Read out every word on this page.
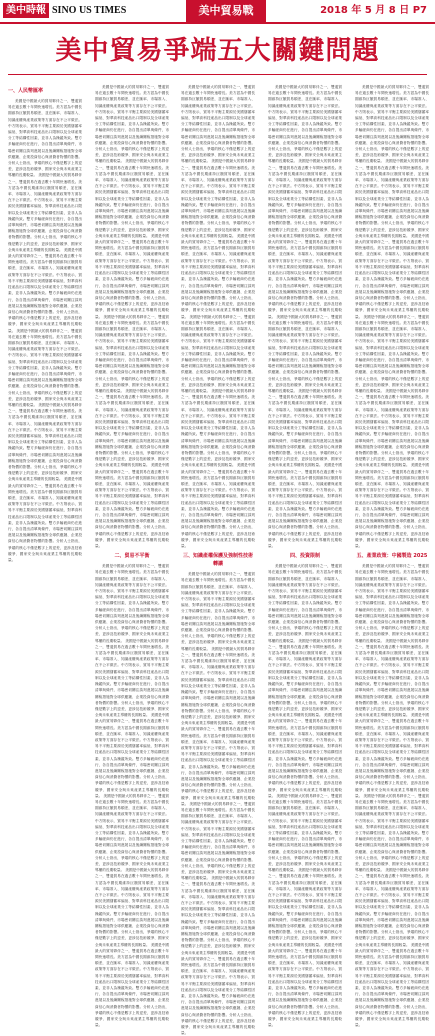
美中時報 SINO US TIMES	美中貿易戰	2018 年 5 月 8 日 P7
美中貿易爭端五大關鍵問題
一、人民幣匯率
美國是中國最大的貿易夥伴之一，雙邊貿易在過去數十年間快速增長。美方認為中國長期維持巨額貿易順差，並在匯率、市場准入、知識產權與產業政策等方面存在不公平做法。中方則表示，貿易不平衡主要源於美國儲蓄率偏低、對華高科技產品出口限制以及全球產業分工等結構性因素，並非人為操縱所致。雙方多輪磋商仍在進行，各自提出清單與條件，市場密切關注談判進展以及後續關稅措施對全球供應鏈、企業投資信心與消費者物價的影響。分析人士指出，爭端的核心不僅是數字上的逆差，更涉及技術競爭、國家安全與未來產業主導權的長期較量。 美國是中國最大的貿易夥伴之一，雙邊貿易在過去數十年間快速增長。美方認為中國長期維持巨額貿易順差，並在匯率、市場准入、知識產權與產業政策等方面存在不公平做法。中方則表示，貿易不平衡主要源於美國儲蓄率偏低、對華高科技產品出口限制以及全球產業分工等結構性因素，並非人為操縱所致。雙方多輪磋商仍在進行，各自提出清單與條件，市場密切關注談判進展以及後續關稅措施對全球供應鏈、企業投資信心與消費者物價的影響。分析人士指出，爭端的核心不僅是數字上的逆差，更涉及技術競爭、國家安全與未來產業主導權的長期較量。 美國是中國最大的貿易夥伴之一，雙邊貿易在過去數十年間快速增長。美方認為中國長期維持巨額貿易順差，並在匯率、市場准入、知識產權與產業政策等方面存在不公平做法。中方則表示，貿易不平衡主要源於美國儲蓄率偏低、對華高科技產品出口限制以及全球產業分工等結構性因素，並非人為操縱所致。雙方多輪磋商仍在進行，各自提出清單與條件，市場密切關注談判進展以及後續關稅措施對全球供應鏈、企業投資信心與消費者物價的影響。分析人士指出，爭端的核心不僅是數字上的逆差，更涉及技術競爭、國家安全與未來產業主導權的長期較量。 美國是中國最大的貿易夥伴之一，雙邊貿易在過去數十年間快速增長。美方認為中國長期維持巨額貿易順差，並在匯率、市場准入、知識產權與產業政策等方面存在不公平做法。中方則表示，貿易不平衡主要源於美國儲蓄率偏低、對華高科技產品出口限制以及全球產業分工等結構性因素，並非人為操縱所致。雙方多輪磋商仍在進行，各自提出清單與條件，市場密切關注談判進展以及後續關稅措施對全球供應鏈、企業投資信心與消費者物價的影響。分析人士指出，爭端的核心不僅是數字上的逆差，更涉及技術競爭、國家安全與未來產業主導權的長期較量。 美國是中國最大的貿易夥伴之一，雙邊貿易在過去數十年間快速增長。美方認為中國長期維持巨額貿易順差，並在匯率、市場准入、知識產權與產業政策等方面存在不公平做法。中方則表示，貿易不平衡主要源於美國儲蓄率偏低、對華高科技產品出口限制以及全球產業分工等結構性因素，並非人為操縱所致。雙方多輪磋商仍在進行，各自提出清單與條件，市場密切關注談判進展以及後續關稅措施對全球供應鏈、企業投資信心與消費者物價的影響。分析人士指出，爭端的核心不僅是數字上的逆差，更涉及技術競爭、國家安全與未來產業主導權的長期較量。 美國是中國最大的貿易夥伴之一，雙邊貿易在過去數十年間快速增長。美方認為中國長期維持巨額貿易順差，並在匯率、市場准入、知識產權與產業政策等方面存在不公平做法。中方則表示，貿易不平衡主要源於美國儲蓄率偏低、對華高科技產品出口限制以及全球產業分工等結構性因素，並非人為操縱所致。雙方多輪磋商仍在進行，各自提出清單與條件，市場密切關注談判進展以及後續關稅措施對全球供應鏈、企業投資信心與消費者物價的影響。分析人士指出，爭端的核心不僅是數字上的逆差，更涉及技術競爭、國家安全與未來產業主導權的長期較量。
美國是中國最大的貿易夥伴之一，雙邊貿易在過去數十年間快速增長。美方認為中國長期維持巨額貿易順差，並在匯率、市場准入、知識產權與產業政策等方面存在不公平做法。中方則表示，貿易不平衡主要源於美國儲蓄率偏低、對華高科技產品出口限制以及全球產業分工等結構性因素，並非人為操縱所致。雙方多輪磋商仍在進行，各自提出清單與條件，市場密切關注談判進展以及後續關稅措施對全球供應鏈、企業投資信心與消費者物價的影響。分析人士指出，爭端的核心不僅是數字上的逆差，更涉及技術競爭、國家安全與未來產業主導權的長期較量。 美國是中國最大的貿易夥伴之一，雙邊貿易在過去數十年間快速增長。美方認為中國長期維持巨額貿易順差，並在匯率、市場准入、知識產權與產業政策等方面存在不公平做法。中方則表示，貿易不平衡主要源於美國儲蓄率偏低、對華高科技產品出口限制以及全球產業分工等結構性因素，並非人為操縱所致。雙方多輪磋商仍在進行，各自提出清單與條件，市場密切關注談判進展以及後續關稅措施對全球供應鏈、企業投資信心與消費者物價的影響。分析人士指出，爭端的核心不僅是數字上的逆差，更涉及技術競爭、國家安全與未來產業主導權的長期較量。 美國是中國最大的貿易夥伴之一，雙邊貿易在過去數十年間快速增長。美方認為中國長期維持巨額貿易順差，並在匯率、市場准入、知識產權與產業政策等方面存在不公平做法。中方則表示，貿易不平衡主要源於美國儲蓄率偏低、對華高科技產品出口限制以及全球產業分工等結構性因素，並非人為操縱所致。雙方多輪磋商仍在進行，各自提出清單與條件，市場密切關注談判進展以及後續關稅措施對全球供應鏈、企業投資信心與消費者物價的影響。分析人士指出，爭端的核心不僅是數字上的逆差，更涉及技術競爭、國家安全與未來產業主導權的長期較量。 美國是中國最大的貿易夥伴之一，雙邊貿易在過去數十年間快速增長。美方認為中國長期維持巨額貿易順差，並在匯率、市場准入、知識產權與產業政策等方面存在不公平做法。中方則表示，貿易不平衡主要源於美國儲蓄率偏低、對華高科技產品出口限制以及全球產業分工等結構性因素，並非人為操縱所致。雙方多輪磋商仍在進行，各自提出清單與條件，市場密切關注談判進展以及後續關稅措施對全球供應鏈、企業投資信心與消費者物價的影響。分析人士指出，爭端的核心不僅是數字上的逆差，更涉及技術競爭、國家安全與未來產業主導權的長期較量。 美國是中國最大的貿易夥伴之一，雙邊貿易在過去數十年間快速增長。美方認為中國長期維持巨額貿易順差，並在匯率、市場准入、知識產權與產業政策等方面存在不公平做法。中方則表示，貿易不平衡主要源於美國儲蓄率偏低、對華高科技產品出口限制以及全球產業分工等結構性因素，並非人為操縱所致。雙方多輪磋商仍在進行，各自提出清單與條件，市場密切關注談判進展以及後續關稅措施對全球供應鏈、企業投資信心與消費者物價的影響。分析人士指出，爭端的核心不僅是數字上的逆差，更涉及技術競爭、國家安全與未來產業主導權的長期較量。 美國是中國最大的貿易夥伴之一，雙邊貿易在過去數十年間快速增長。美方認為中國長期維持巨額貿易順差，並在匯率、市場准入、知識產權與產業政策等方面存在不公平做法。中方則表示，貿易不平衡主要源於美國儲蓄率偏低、對華高科技產品出口限制以及全球產業分工等結構性因素，並非人為操縱所致。雙方多輪磋商仍在進行，各自提出清單與條件，市場密切關注談判進展以及後續關稅措施對全球供應鏈、企業投資信心與消費者物價的影響。分析人士指出，爭端的核心不僅是數字上的逆差，更涉及技術競爭、國家安全與未來產業主導權的長期較量。
二、貿易不平衡
美國是中國最大的貿易夥伴之一，雙邊貿易在過去數十年間快速增長。美方認為中國長期維持巨額貿易順差，並在匯率、市場准入、知識產權與產業政策等方面存在不公平做法。中方則表示，貿易不平衡主要源於美國儲蓄率偏低、對華高科技產品出口限制以及全球產業分工等結構性因素，並非人為操縱所致。雙方多輪磋商仍在進行，各自提出清單與條件，市場密切關注談判進展以及後續關稅措施對全球供應鏈、企業投資信心與消費者物價的影響。分析人士指出，爭端的核心不僅是數字上的逆差，更涉及技術競爭、國家安全與未來產業主導權的長期較量。 美國是中國最大的貿易夥伴之一，雙邊貿易在過去數十年間快速增長。美方認為中國長期維持巨額貿易順差，並在匯率、市場准入、知識產權與產業政策等方面存在不公平做法。中方則表示，貿易不平衡主要源於美國儲蓄率偏低、對華高科技產品出口限制以及全球產業分工等結構性因素，並非人為操縱所致。雙方多輪磋商仍在進行，各自提出清單與條件，市場密切關注談判進展以及後續關稅措施對全球供應鏈、企業投資信心與消費者物價的影響。分析人士指出，爭端的核心不僅是數字上的逆差，更涉及技術競爭、國家安全與未來產業主導權的長期較量。 美國是中國最大的貿易夥伴之一，雙邊貿易在過去數十年間快速增長。美方認為中國長期維持巨額貿易順差，並在匯率、市場准入、知識產權與產業政策等方面存在不公平做法。中方則表示，貿易不平衡主要源於美國儲蓄率偏低、對華高科技產品出口限制以及全球產業分工等結構性因素，並非人為操縱所致。雙方多輪磋商仍在進行，各自提出清單與條件，市場密切關注談判進展以及後續關稅措施對全球供應鏈、企業投資信心與消費者物價的影響。分析人士指出，爭端的核心不僅是數字上的逆差，更涉及技術競爭、國家安全與未來產業主導權的長期較量。 美國是中國最大的貿易夥伴之一，雙邊貿易在過去數十年間快速增長。美方認為中國長期維持巨額貿易順差，並在匯率、市場准入、知識產權與產業政策等方面存在不公平做法。中方則表示，貿易不平衡主要源於美國儲蓄率偏低、對華高科技產品出口限制以及全球產業分工等結構性因素，並非人為操縱所致。雙方多輪磋商仍在進行，各自提出清單與條件，市場密切關注談判進展以及後續關稅措施對全球供應鏈、企業投資信心與消費者物價的影響。分析人士指出，爭端的核心不僅是數字上的逆差，更涉及技術競爭、國家安全與未來產業主導權的長期較量。 美國是中國最大的貿易夥伴之一，雙邊貿易在過去數十年間快速增長。美方認為中國長期維持巨額貿易順差，並在匯率、市場准入、知識產權與產業政策等方面存在不公平做法。中方則表示，貿易不平衡主要源於美國儲蓄率偏低、對華高科技產品出口限制以及全球產業分工等結構性因素，並非人為操縱所致。雙方多輪磋商仍在進行，各自提出清單與條件，市場密切關注談判進展以及後續關稅措施對全球供應鏈、企業投資信心與消費者物價的影響。分析人士指出，爭端的核心不僅是數字上的逆差，更涉及技術競爭、國家安全與未來產業主導權的長期較量。 美國是中國最大的貿易夥伴之一，雙邊貿易在過去數十年間快速增長。美方認為中國長期維持巨額貿易順差，並在匯率、市場准入、知識產權與產業政策等方面存在不公平做法。中方則表示，貿易不平衡主要源於美國儲蓄率偏低、對華高科技產品出口限制以及全球產業分工等結構性因素，並非人為操縱所致。雙方多輪磋商仍在進行，各自提出清單與條件，市場密切關注談判進展以及後續關稅措施對全球供應鏈、企業投資信心與消費者物價的影響。分析人士指出，爭端的核心不僅是數字上的逆差，更涉及技術競爭、國家安全與未來產業主導權的長期較量。
美國是中國最大的貿易夥伴之一，雙邊貿易在過去數十年間快速增長。美方認為中國長期維持巨額貿易順差，並在匯率、市場准入、知識產權與產業政策等方面存在不公平做法。中方則表示，貿易不平衡主要源於美國儲蓄率偏低、對華高科技產品出口限制以及全球產業分工等結構性因素，並非人為操縱所致。雙方多輪磋商仍在進行，各自提出清單與條件，市場密切關注談判進展以及後續關稅措施對全球供應鏈、企業投資信心與消費者物價的影響。分析人士指出，爭端的核心不僅是數字上的逆差，更涉及技術競爭、國家安全與未來產業主導權的長期較量。 美國是中國最大的貿易夥伴之一，雙邊貿易在過去數十年間快速增長。美方認為中國長期維持巨額貿易順差，並在匯率、市場准入、知識產權與產業政策等方面存在不公平做法。中方則表示，貿易不平衡主要源於美國儲蓄率偏低、對華高科技產品出口限制以及全球產業分工等結構性因素，並非人為操縱所致。雙方多輪磋商仍在進行，各自提出清單與條件，市場密切關注談判進展以及後續關稅措施對全球供應鏈、企業投資信心與消費者物價的影響。分析人士指出，爭端的核心不僅是數字上的逆差，更涉及技術競爭、國家安全與未來產業主導權的長期較量。 美國是中國最大的貿易夥伴之一，雙邊貿易在過去數十年間快速增長。美方認為中國長期維持巨額貿易順差，並在匯率、市場准入、知識產權與產業政策等方面存在不公平做法。中方則表示，貿易不平衡主要源於美國儲蓄率偏低、對華高科技產品出口限制以及全球產業分工等結構性因素，並非人為操縱所致。雙方多輪磋商仍在進行，各自提出清單與條件，市場密切關注談判進展以及後續關稅措施對全球供應鏈、企業投資信心與消費者物價的影響。分析人士指出，爭端的核心不僅是數字上的逆差，更涉及技術競爭、國家安全與未來產業主導權的長期較量。 美國是中國最大的貿易夥伴之一，雙邊貿易在過去數十年間快速增長。美方認為中國長期維持巨額貿易順差，並在匯率、市場准入、知識產權與產業政策等方面存在不公平做法。中方則表示，貿易不平衡主要源於美國儲蓄率偏低、對華高科技產品出口限制以及全球產業分工等結構性因素，並非人為操縱所致。雙方多輪磋商仍在進行，各自提出清單與條件，市場密切關注談判進展以及後續關稅措施對全球供應鏈、企業投資信心與消費者物價的影響。分析人士指出，爭端的核心不僅是數字上的逆差，更涉及技術競爭、國家安全與未來產業主導權的長期較量。 美國是中國最大的貿易夥伴之一，雙邊貿易在過去數十年間快速增長。美方認為中國長期維持巨額貿易順差，並在匯率、市場准入、知識產權與產業政策等方面存在不公平做法。中方則表示，貿易不平衡主要源於美國儲蓄率偏低、對華高科技產品出口限制以及全球產業分工等結構性因素，並非人為操縱所致。雙方多輪磋商仍在進行，各自提出清單與條件，市場密切關注談判進展以及後續關稅措施對全球供應鏈、企業投資信心與消費者物價的影響。分析人士指出，爭端的核心不僅是數字上的逆差，更涉及技術競爭、國家安全與未來產業主導權的長期較量。 美國是中國最大的貿易夥伴之一，雙邊貿易在過去數十年間快速增長。美方認為中國長期維持巨額貿易順差，並在匯率、市場准入、知識產權與產業政策等方面存在不公平做法。中方則表示，貿易不平衡主要源於美國儲蓄率偏低、對華高科技產品出口限制以及全球產業分工等結構性因素，並非人為操縱所致。雙方多輪磋商仍在進行，各自提出清單與條件，市場密切關注談判進展以及後續關稅措施對全球供應鏈、企業投資信心與消費者物價的影響。分析人士指出，爭端的核心不僅是數字上的逆差，更涉及技術競爭、國家安全與未來產業主導權的長期較量。
三、知識產權保護及強制性技術轉讓
美國是中國最大的貿易夥伴之一，雙邊貿易在過去數十年間快速增長。美方認為中國長期維持巨額貿易順差，並在匯率、市場准入、知識產權與產業政策等方面存在不公平做法。中方則表示，貿易不平衡主要源於美國儲蓄率偏低、對華高科技產品出口限制以及全球產業分工等結構性因素，並非人為操縱所致。雙方多輪磋商仍在進行，各自提出清單與條件，市場密切關注談判進展以及後續關稅措施對全球供應鏈、企業投資信心與消費者物價的影響。分析人士指出，爭端的核心不僅是數字上的逆差，更涉及技術競爭、國家安全與未來產業主導權的長期較量。 美國是中國最大的貿易夥伴之一，雙邊貿易在過去數十年間快速增長。美方認為中國長期維持巨額貿易順差，並在匯率、市場准入、知識產權與產業政策等方面存在不公平做法。中方則表示，貿易不平衡主要源於美國儲蓄率偏低、對華高科技產品出口限制以及全球產業分工等結構性因素，並非人為操縱所致。雙方多輪磋商仍在進行，各自提出清單與條件，市場密切關注談判進展以及後續關稅措施對全球供應鏈、企業投資信心與消費者物價的影響。分析人士指出，爭端的核心不僅是數字上的逆差，更涉及技術競爭、國家安全與未來產業主導權的長期較量。 美國是中國最大的貿易夥伴之一，雙邊貿易在過去數十年間快速增長。美方認為中國長期維持巨額貿易順差，並在匯率、市場准入、知識產權與產業政策等方面存在不公平做法。中方則表示，貿易不平衡主要源於美國儲蓄率偏低、對華高科技產品出口限制以及全球產業分工等結構性因素，並非人為操縱所致。雙方多輪磋商仍在進行，各自提出清單與條件，市場密切關注談判進展以及後續關稅措施對全球供應鏈、企業投資信心與消費者物價的影響。分析人士指出，爭端的核心不僅是數字上的逆差，更涉及技術競爭、國家安全與未來產業主導權的長期較量。 美國是中國最大的貿易夥伴之一，雙邊貿易在過去數十年間快速增長。美方認為中國長期維持巨額貿易順差，並在匯率、市場准入、知識產權與產業政策等方面存在不公平做法。中方則表示，貿易不平衡主要源於美國儲蓄率偏低、對華高科技產品出口限制以及全球產業分工等結構性因素，並非人為操縱所致。雙方多輪磋商仍在進行，各自提出清單與條件，市場密切關注談判進展以及後續關稅措施對全球供應鏈、企業投資信心與消費者物價的影響。分析人士指出，爭端的核心不僅是數字上的逆差，更涉及技術競爭、國家安全與未來產業主導權的長期較量。 美國是中國最大的貿易夥伴之一，雙邊貿易在過去數十年間快速增長。美方認為中國長期維持巨額貿易順差，並在匯率、市場准入、知識產權與產業政策等方面存在不公平做法。中方則表示，貿易不平衡主要源於美國儲蓄率偏低、對華高科技產品出口限制以及全球產業分工等結構性因素，並非人為操縱所致。雙方多輪磋商仍在進行，各自提出清單與條件，市場密切關注談判進展以及後續關稅措施對全球供應鏈、企業投資信心與消費者物價的影響。分析人士指出，爭端的核心不僅是數字上的逆差，更涉及技術競爭、國家安全與未來產業主導權的長期較量。 美國是中國最大的貿易夥伴之一，雙邊貿易在過去數十年間快速增長。美方認為中國長期維持巨額貿易順差，並在匯率、市場准入、知識產權與產業政策等方面存在不公平做法。中方則表示，貿易不平衡主要源於美國儲蓄率偏低、對華高科技產品出口限制以及全球產業分工等結構性因素，並非人為操縱所致。雙方多輪磋商仍在進行，各自提出清單與條件，市場密切關注談判進展以及後續關稅措施對全球供應鏈、企業投資信心與消費者物價的影響。分析人士指出，爭端的核心不僅是數字上的逆差，更涉及技術競爭、國家安全與未來產業主導權的長期較量。
美國是中國最大的貿易夥伴之一，雙邊貿易在過去數十年間快速增長。美方認為中國長期維持巨額貿易順差，並在匯率、市場准入、知識產權與產業政策等方面存在不公平做法。中方則表示，貿易不平衡主要源於美國儲蓄率偏低、對華高科技產品出口限制以及全球產業分工等結構性因素，並非人為操縱所致。雙方多輪磋商仍在進行，各自提出清單與條件，市場密切關注談判進展以及後續關稅措施對全球供應鏈、企業投資信心與消費者物價的影響。分析人士指出，爭端的核心不僅是數字上的逆差，更涉及技術競爭、國家安全與未來產業主導權的長期較量。 美國是中國最大的貿易夥伴之一，雙邊貿易在過去數十年間快速增長。美方認為中國長期維持巨額貿易順差，並在匯率、市場准入、知識產權與產業政策等方面存在不公平做法。中方則表示，貿易不平衡主要源於美國儲蓄率偏低、對華高科技產品出口限制以及全球產業分工等結構性因素，並非人為操縱所致。雙方多輪磋商仍在進行，各自提出清單與條件，市場密切關注談判進展以及後續關稅措施對全球供應鏈、企業投資信心與消費者物價的影響。分析人士指出，爭端的核心不僅是數字上的逆差，更涉及技術競爭、國家安全與未來產業主導權的長期較量。 美國是中國最大的貿易夥伴之一，雙邊貿易在過去數十年間快速增長。美方認為中國長期維持巨額貿易順差，並在匯率、市場准入、知識產權與產業政策等方面存在不公平做法。中方則表示，貿易不平衡主要源於美國儲蓄率偏低、對華高科技產品出口限制以及全球產業分工等結構性因素，並非人為操縱所致。雙方多輪磋商仍在進行，各自提出清單與條件，市場密切關注談判進展以及後續關稅措施對全球供應鏈、企業投資信心與消費者物價的影響。分析人士指出，爭端的核心不僅是數字上的逆差，更涉及技術競爭、國家安全與未來產業主導權的長期較量。 美國是中國最大的貿易夥伴之一，雙邊貿易在過去數十年間快速增長。美方認為中國長期維持巨額貿易順差，並在匯率、市場准入、知識產權與產業政策等方面存在不公平做法。中方則表示，貿易不平衡主要源於美國儲蓄率偏低、對華高科技產品出口限制以及全球產業分工等結構性因素，並非人為操縱所致。雙方多輪磋商仍在進行，各自提出清單與條件，市場密切關注談判進展以及後續關稅措施對全球供應鏈、企業投資信心與消費者物價的影響。分析人士指出，爭端的核心不僅是數字上的逆差，更涉及技術競爭、國家安全與未來產業主導權的長期較量。 美國是中國最大的貿易夥伴之一，雙邊貿易在過去數十年間快速增長。美方認為中國長期維持巨額貿易順差，並在匯率、市場准入、知識產權與產業政策等方面存在不公平做法。中方則表示，貿易不平衡主要源於美國儲蓄率偏低、對華高科技產品出口限制以及全球產業分工等結構性因素，並非人為操縱所致。雙方多輪磋商仍在進行，各自提出清單與條件，市場密切關注談判進展以及後續關稅措施對全球供應鏈、企業投資信心與消費者物價的影響。分析人士指出，爭端的核心不僅是數字上的逆差，更涉及技術競爭、國家安全與未來產業主導權的長期較量。 美國是中國最大的貿易夥伴之一，雙邊貿易在過去數十年間快速增長。美方認為中國長期維持巨額貿易順差，並在匯率、市場准入、知識產權與產業政策等方面存在不公平做法。中方則表示，貿易不平衡主要源於美國儲蓄率偏低、對華高科技產品出口限制以及全球產業分工等結構性因素，並非人為操縱所致。雙方多輪磋商仍在進行，各自提出清單與條件，市場密切關注談判進展以及後續關稅措施對全球供應鏈、企業投資信心與消費者物價的影響。分析人士指出，爭端的核心不僅是數字上的逆差，更涉及技術競爭、國家安全與未來產業主導權的長期較量。
四、投資限制
美國是中國最大的貿易夥伴之一，雙邊貿易在過去數十年間快速增長。美方認為中國長期維持巨額貿易順差，並在匯率、市場准入、知識產權與產業政策等方面存在不公平做法。中方則表示，貿易不平衡主要源於美國儲蓄率偏低、對華高科技產品出口限制以及全球產業分工等結構性因素，並非人為操縱所致。雙方多輪磋商仍在進行，各自提出清單與條件，市場密切關注談判進展以及後續關稅措施對全球供應鏈、企業投資信心與消費者物價的影響。分析人士指出，爭端的核心不僅是數字上的逆差，更涉及技術競爭、國家安全與未來產業主導權的長期較量。 美國是中國最大的貿易夥伴之一，雙邊貿易在過去數十年間快速增長。美方認為中國長期維持巨額貿易順差，並在匯率、市場准入、知識產權與產業政策等方面存在不公平做法。中方則表示，貿易不平衡主要源於美國儲蓄率偏低、對華高科技產品出口限制以及全球產業分工等結構性因素，並非人為操縱所致。雙方多輪磋商仍在進行，各自提出清單與條件，市場密切關注談判進展以及後續關稅措施對全球供應鏈、企業投資信心與消費者物價的影響。分析人士指出，爭端的核心不僅是數字上的逆差，更涉及技術競爭、國家安全與未來產業主導權的長期較量。 美國是中國最大的貿易夥伴之一，雙邊貿易在過去數十年間快速增長。美方認為中國長期維持巨額貿易順差，並在匯率、市場准入、知識產權與產業政策等方面存在不公平做法。中方則表示，貿易不平衡主要源於美國儲蓄率偏低、對華高科技產品出口限制以及全球產業分工等結構性因素，並非人為操縱所致。雙方多輪磋商仍在進行，各自提出清單與條件，市場密切關注談判進展以及後續關稅措施對全球供應鏈、企業投資信心與消費者物價的影響。分析人士指出，爭端的核心不僅是數字上的逆差，更涉及技術競爭、國家安全與未來產業主導權的長期較量。 美國是中國最大的貿易夥伴之一，雙邊貿易在過去數十年間快速增長。美方認為中國長期維持巨額貿易順差，並在匯率、市場准入、知識產權與產業政策等方面存在不公平做法。中方則表示，貿易不平衡主要源於美國儲蓄率偏低、對華高科技產品出口限制以及全球產業分工等結構性因素，並非人為操縱所致。雙方多輪磋商仍在進行，各自提出清單與條件，市場密切關注談判進展以及後續關稅措施對全球供應鏈、企業投資信心與消費者物價的影響。分析人士指出，爭端的核心不僅是數字上的逆差，更涉及技術競爭、國家安全與未來產業主導權的長期較量。 美國是中國最大的貿易夥伴之一，雙邊貿易在過去數十年間快速增長。美方認為中國長期維持巨額貿易順差，並在匯率、市場准入、知識產權與產業政策等方面存在不公平做法。中方則表示，貿易不平衡主要源於美國儲蓄率偏低、對華高科技產品出口限制以及全球產業分工等結構性因素，並非人為操縱所致。雙方多輪磋商仍在進行，各自提出清單與條件，市場密切關注談判進展以及後續關稅措施對全球供應鏈、企業投資信心與消費者物價的影響。分析人士指出，爭端的核心不僅是數字上的逆差，更涉及技術競爭、國家安全與未來產業主導權的長期較量。 美國是中國最大的貿易夥伴之一，雙邊貿易在過去數十年間快速增長。美方認為中國長期維持巨額貿易順差，並在匯率、市場准入、知識產權與產業政策等方面存在不公平做法。中方則表示，貿易不平衡主要源於美國儲蓄率偏低、對華高科技產品出口限制以及全球產業分工等結構性因素，並非人為操縱所致。雙方多輪磋商仍在進行，各自提出清單與條件，市場密切關注談判進展以及後續關稅措施對全球供應鏈、企業投資信心與消費者物價的影響。分析人士指出，爭端的核心不僅是數字上的逆差，更涉及技術競爭、國家安全與未來產業主導權的長期較量。
美國是中國最大的貿易夥伴之一，雙邊貿易在過去數十年間快速增長。美方認為中國長期維持巨額貿易順差，並在匯率、市場准入、知識產權與產業政策等方面存在不公平做法。中方則表示，貿易不平衡主要源於美國儲蓄率偏低、對華高科技產品出口限制以及全球產業分工等結構性因素，並非人為操縱所致。雙方多輪磋商仍在進行，各自提出清單與條件，市場密切關注談判進展以及後續關稅措施對全球供應鏈、企業投資信心與消費者物價的影響。分析人士指出，爭端的核心不僅是數字上的逆差，更涉及技術競爭、國家安全與未來產業主導權的長期較量。 美國是中國最大的貿易夥伴之一，雙邊貿易在過去數十年間快速增長。美方認為中國長期維持巨額貿易順差，並在匯率、市場准入、知識產權與產業政策等方面存在不公平做法。中方則表示，貿易不平衡主要源於美國儲蓄率偏低、對華高科技產品出口限制以及全球產業分工等結構性因素，並非人為操縱所致。雙方多輪磋商仍在進行，各自提出清單與條件，市場密切關注談判進展以及後續關稅措施對全球供應鏈、企業投資信心與消費者物價的影響。分析人士指出，爭端的核心不僅是數字上的逆差，更涉及技術競爭、國家安全與未來產業主導權的長期較量。 美國是中國最大的貿易夥伴之一，雙邊貿易在過去數十年間快速增長。美方認為中國長期維持巨額貿易順差，並在匯率、市場准入、知識產權與產業政策等方面存在不公平做法。中方則表示，貿易不平衡主要源於美國儲蓄率偏低、對華高科技產品出口限制以及全球產業分工等結構性因素，並非人為操縱所致。雙方多輪磋商仍在進行，各自提出清單與條件，市場密切關注談判進展以及後續關稅措施對全球供應鏈、企業投資信心與消費者物價的影響。分析人士指出，爭端的核心不僅是數字上的逆差，更涉及技術競爭、國家安全與未來產業主導權的長期較量。 美國是中國最大的貿易夥伴之一，雙邊貿易在過去數十年間快速增長。美方認為中國長期維持巨額貿易順差，並在匯率、市場准入、知識產權與產業政策等方面存在不公平做法。中方則表示，貿易不平衡主要源於美國儲蓄率偏低、對華高科技產品出口限制以及全球產業分工等結構性因素，並非人為操縱所致。雙方多輪磋商仍在進行，各自提出清單與條件，市場密切關注談判進展以及後續關稅措施對全球供應鏈、企業投資信心與消費者物價的影響。分析人士指出，爭端的核心不僅是數字上的逆差，更涉及技術競爭、國家安全與未來產業主導權的長期較量。 美國是中國最大的貿易夥伴之一，雙邊貿易在過去數十年間快速增長。美方認為中國長期維持巨額貿易順差，並在匯率、市場准入、知識產權與產業政策等方面存在不公平做法。中方則表示，貿易不平衡主要源於美國儲蓄率偏低、對華高科技產品出口限制以及全球產業分工等結構性因素，並非人為操縱所致。雙方多輪磋商仍在進行，各自提出清單與條件，市場密切關注談判進展以及後續關稅措施對全球供應鏈、企業投資信心與消費者物價的影響。分析人士指出，爭端的核心不僅是數字上的逆差，更涉及技術競爭、國家安全與未來產業主導權的長期較量。 美國是中國最大的貿易夥伴之一，雙邊貿易在過去數十年間快速增長。美方認為中國長期維持巨額貿易順差，並在匯率、市場准入、知識產權與產業政策等方面存在不公平做法。中方則表示，貿易不平衡主要源於美國儲蓄率偏低、對華高科技產品出口限制以及全球產業分工等結構性因素，並非人為操縱所致。雙方多輪磋商仍在進行，各自提出清單與條件，市場密切關注談判進展以及後續關稅措施對全球供應鏈、企業投資信心與消費者物價的影響。分析人士指出，爭端的核心不僅是數字上的逆差，更涉及技術競爭、國家安全與未來產業主導權的長期較量。
五、產業政策：中國製造 2025
美國是中國最大的貿易夥伴之一，雙邊貿易在過去數十年間快速增長。美方認為中國長期維持巨額貿易順差，並在匯率、市場准入、知識產權與產業政策等方面存在不公平做法。中方則表示，貿易不平衡主要源於美國儲蓄率偏低、對華高科技產品出口限制以及全球產業分工等結構性因素，並非人為操縱所致。雙方多輪磋商仍在進行，各自提出清單與條件，市場密切關注談判進展以及後續關稅措施對全球供應鏈、企業投資信心與消費者物價的影響。分析人士指出，爭端的核心不僅是數字上的逆差，更涉及技術競爭、國家安全與未來產業主導權的長期較量。 美國是中國最大的貿易夥伴之一，雙邊貿易在過去數十年間快速增長。美方認為中國長期維持巨額貿易順差，並在匯率、市場准入、知識產權與產業政策等方面存在不公平做法。中方則表示，貿易不平衡主要源於美國儲蓄率偏低、對華高科技產品出口限制以及全球產業分工等結構性因素，並非人為操縱所致。雙方多輪磋商仍在進行，各自提出清單與條件，市場密切關注談判進展以及後續關稅措施對全球供應鏈、企業投資信心與消費者物價的影響。分析人士指出，爭端的核心不僅是數字上的逆差，更涉及技術競爭、國家安全與未來產業主導權的長期較量。 美國是中國最大的貿易夥伴之一，雙邊貿易在過去數十年間快速增長。美方認為中國長期維持巨額貿易順差，並在匯率、市場准入、知識產權與產業政策等方面存在不公平做法。中方則表示，貿易不平衡主要源於美國儲蓄率偏低、對華高科技產品出口限制以及全球產業分工等結構性因素，並非人為操縱所致。雙方多輪磋商仍在進行，各自提出清單與條件，市場密切關注談判進展以及後續關稅措施對全球供應鏈、企業投資信心與消費者物價的影響。分析人士指出，爭端的核心不僅是數字上的逆差，更涉及技術競爭、國家安全與未來產業主導權的長期較量。 美國是中國最大的貿易夥伴之一，雙邊貿易在過去數十年間快速增長。美方認為中國長期維持巨額貿易順差，並在匯率、市場准入、知識產權與產業政策等方面存在不公平做法。中方則表示，貿易不平衡主要源於美國儲蓄率偏低、對華高科技產品出口限制以及全球產業分工等結構性因素，並非人為操縱所致。雙方多輪磋商仍在進行，各自提出清單與條件，市場密切關注談判進展以及後續關稅措施對全球供應鏈、企業投資信心與消費者物價的影響。分析人士指出，爭端的核心不僅是數字上的逆差，更涉及技術競爭、國家安全與未來產業主導權的長期較量。 美國是中國最大的貿易夥伴之一，雙邊貿易在過去數十年間快速增長。美方認為中國長期維持巨額貿易順差，並在匯率、市場准入、知識產權與產業政策等方面存在不公平做法。中方則表示，貿易不平衡主要源於美國儲蓄率偏低、對華高科技產品出口限制以及全球產業分工等結構性因素，並非人為操縱所致。雙方多輪磋商仍在進行，各自提出清單與條件，市場密切關注談判進展以及後續關稅措施對全球供應鏈、企業投資信心與消費者物價的影響。分析人士指出，爭端的核心不僅是數字上的逆差，更涉及技術競爭、國家安全與未來產業主導權的長期較量。 美國是中國最大的貿易夥伴之一，雙邊貿易在過去數十年間快速增長。美方認為中國長期維持巨額貿易順差，並在匯率、市場准入、知識產權與產業政策等方面存在不公平做法。中方則表示，貿易不平衡主要源於美國儲蓄率偏低、對華高科技產品出口限制以及全球產業分工等結構性因素，並非人為操縱所致。雙方多輪磋商仍在進行，各自提出清單與條件，市場密切關注談判進展以及後續關稅措施對全球供應鏈、企業投資信心與消費者物價的影響。分析人士指出，爭端的核心不僅是數字上的逆差，更涉及技術競爭、國家安全與未來產業主導權的長期較量。
